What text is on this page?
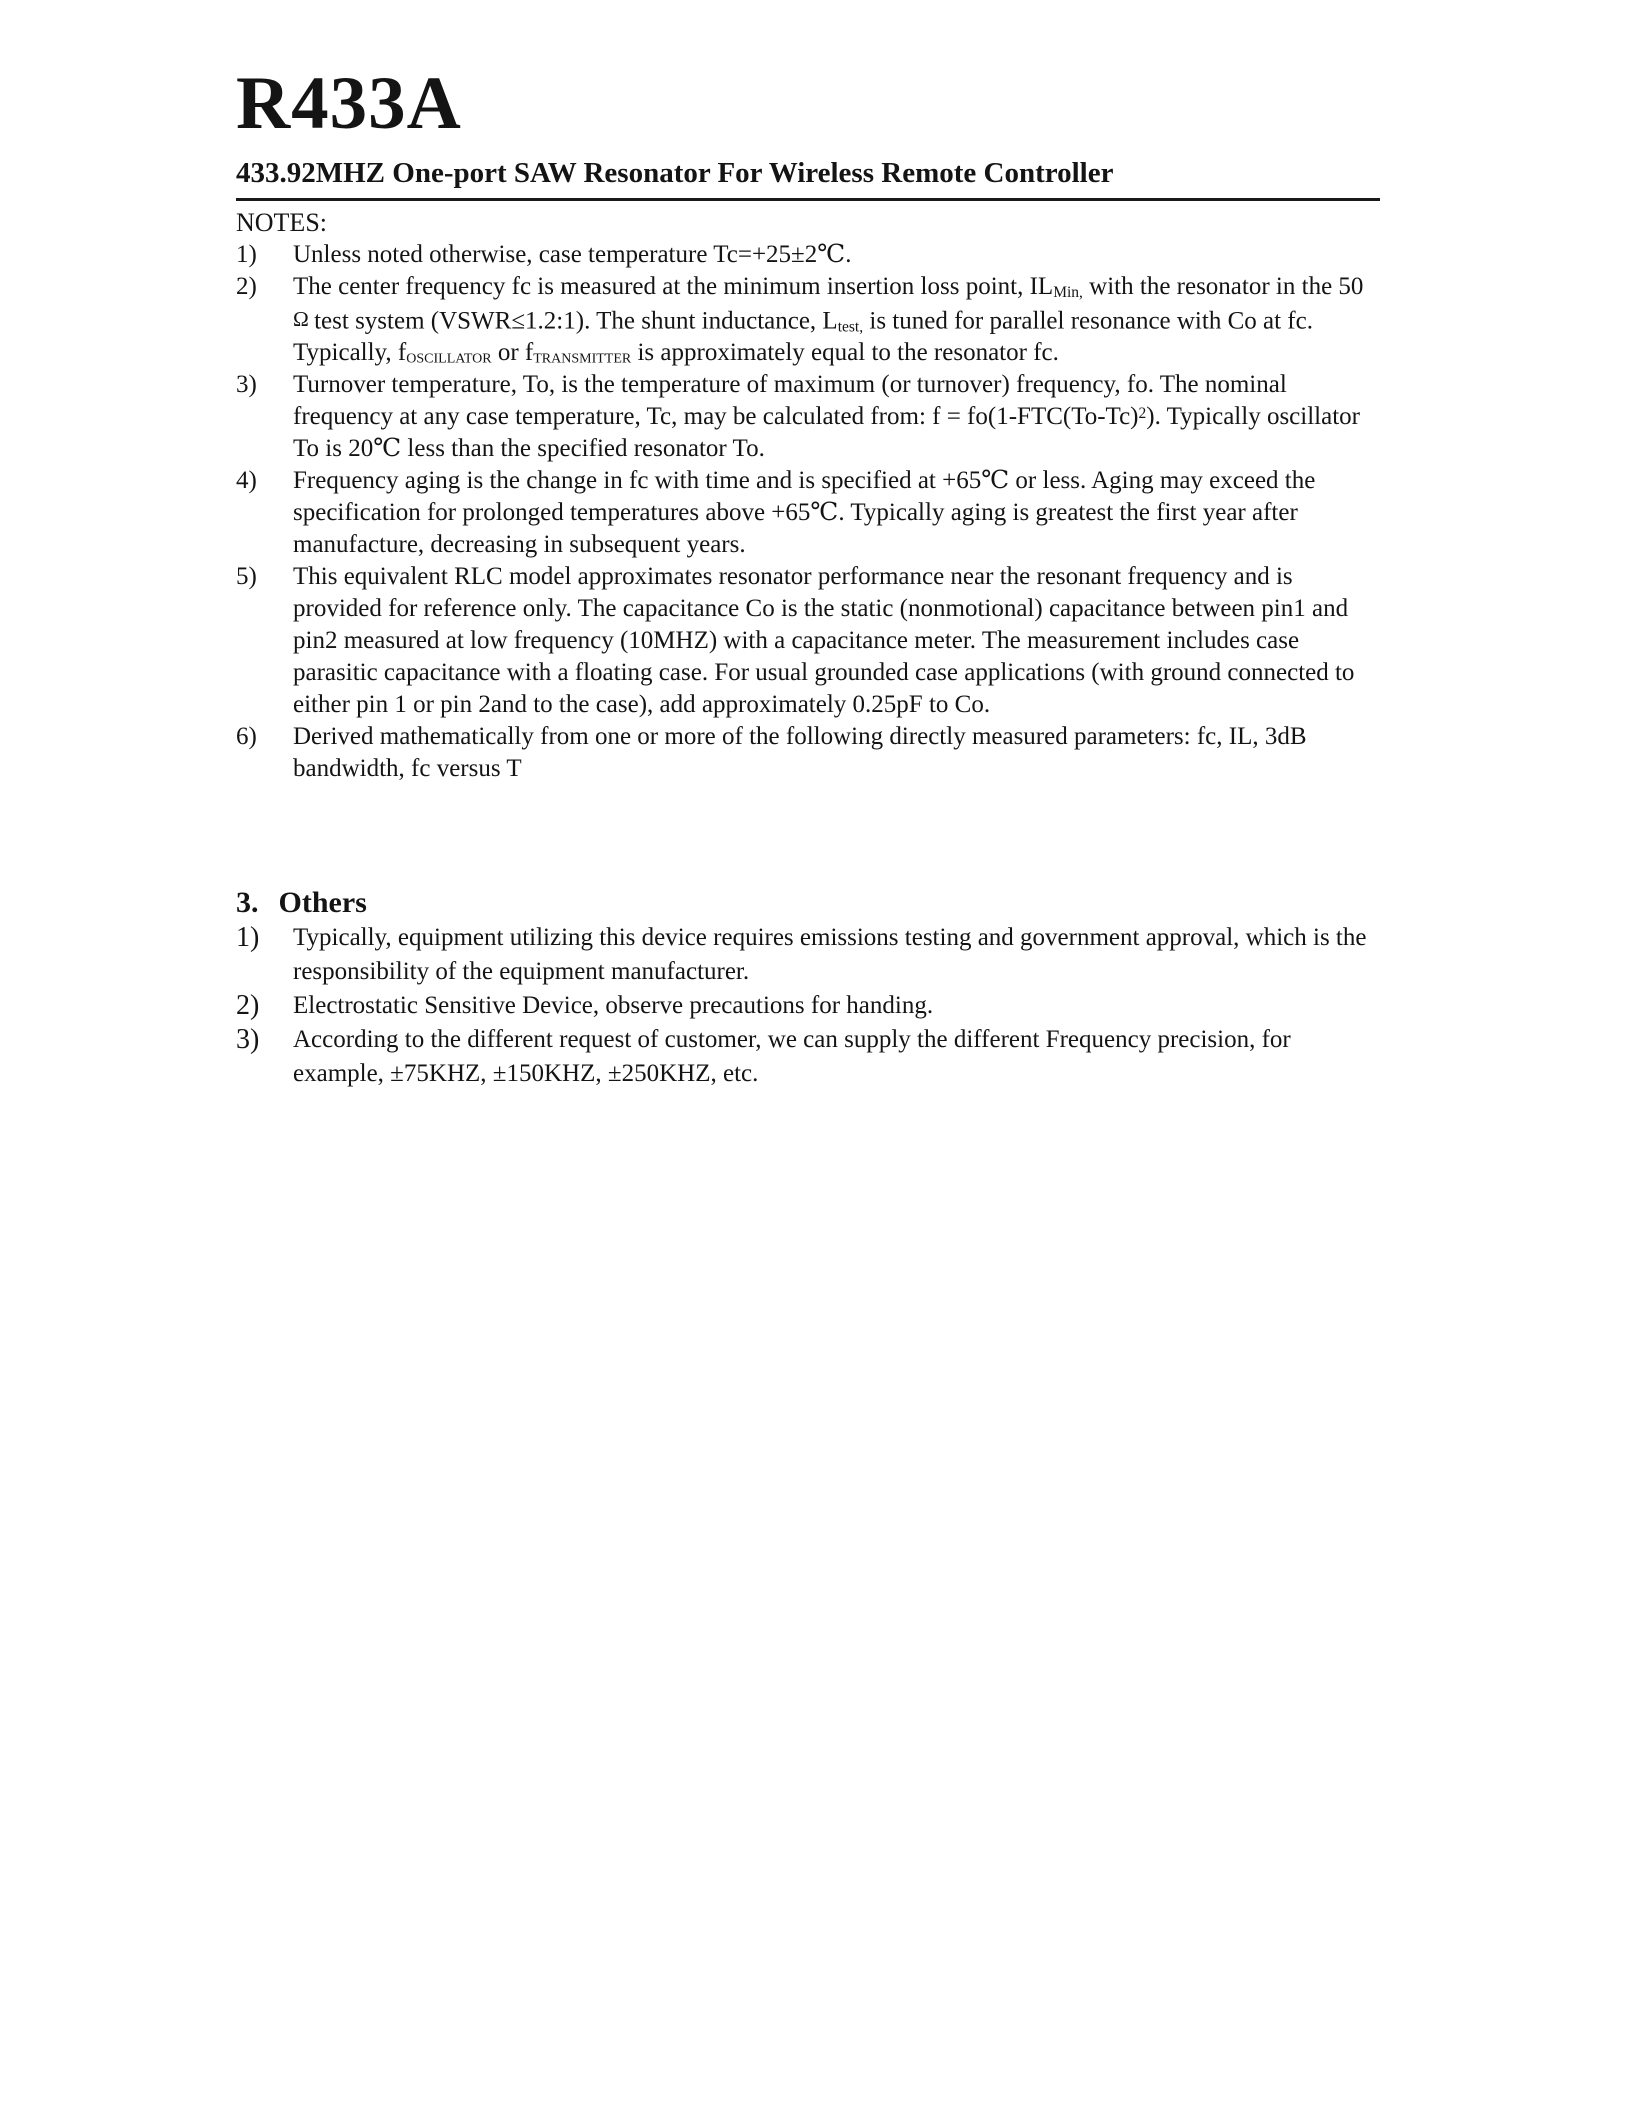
R433A
433.92MHZ One-port SAW Resonator For Wireless Remote Controller
NOTES:
1)	Unless noted otherwise, case temperature Tc=+25±2℃.
2)	The center frequency fc is measured at the minimum insertion loss point, $IL_{Min,}$ with the resonator in the 50 Ω test system (VSWR≤1.2:1). The shunt inductance, $L_{test,}$ is tuned for parallel resonance with Co at fc. Typically, $f_{OSCILLATOR}$ or $f_{TRANSMITTER}$ is approximately equal to the resonator fc.
3)	Turnover temperature, To, is the temperature of maximum (or turnover) frequency, fo. The nominal frequency at any case temperature, Tc, may be calculated from: $f = fo(1-FTC(To-Tc)^2)$. Typically oscillator To is 20℃ less than the specified resonator To.
4)	Frequency aging is the change in fc with time and is specified at +65℃ or less. Aging may exceed the specification for prolonged temperatures above +65℃. Typically aging is greatest the first year after manufacture, decreasing in subsequent years.
5)	This equivalent RLC model approximates resonator performance near the resonant frequency and is provided for reference only. The capacitance Co is the static (nonmotional) capacitance between pin1 and pin2 measured at low frequency (10MHZ) with a capacitance meter. The measurement includes case parasitic capacitance with a floating case. For usual grounded case applications (with ground connected to either pin 1 or pin 2and to the case), add approximately 0.25pF to Co.
6)	Derived mathematically from one or more of the following directly measured parameters: fc, IL, 3dB bandwidth, fc versus T
3. Others
1)	Typically, equipment utilizing this device requires emissions testing and government approval, which is the responsibility of the equipment manufacturer.
2)	Electrostatic Sensitive Device, observe precautions for handing.
3)	According to the different request of customer, we can supply the different Frequency precision, for example, ±75KHZ, ±150KHZ, ±250KHZ, etc.
